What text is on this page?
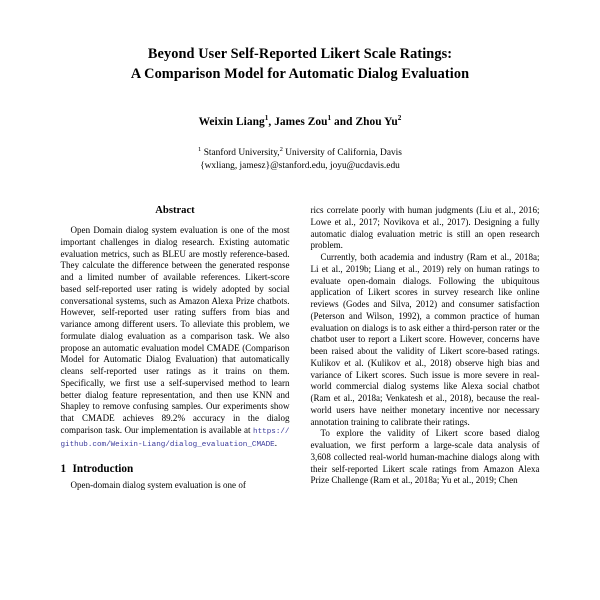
Beyond User Self-Reported Likert Scale Ratings:
A Comparison Model for Automatic Dialog Evaluation
Weixin Liang$^1$, James Zou$^1$ and Zhou Yu$^2$
$^1$ Stanford University,$^2$ University of California, Davis
{wxliang, jamesz}@stanford.edu, joyu@ucdavis.edu
Abstract

Open Domain dialog system evaluation is one of the most important challenges in dialog research. Existing automatic evaluation metrics, such as BLEU are mostly reference-based. They calculate the difference between the generated response and a limited number of available references. Likert-score based self-reported user rating is widely adopted by social conversational systems, such as Amazon Alexa Prize chatbots. However, self-reported user rating suffers from bias and variance among different users. To alleviate this problem, we formulate dialog evaluation as a comparison task. We also propose an automatic evaluation model CMADE (Comparison Model for Automatic Dialog Evaluation) that automatically cleans self-reported user ratings as it trains on them. Specifically, we first use a self-supervised method to learn better dialog feature representation, and then use KNN and Shapley to remove confusing samples. Our experiments show that CMADE achieves 89.2% accuracy in the dialog comparison task. Our implementation is available at https://github.com/Weixin-Liang/dialog_evaluation_CMADE.

1 Introduction

Open-domain dialog system evaluation is one of

rics correlate poorly with human judgments (Liu et al., 2016; Lowe et al., 2017; Novikova et al., 2017). Designing a fully automatic dialog evaluation metric is still an open research problem.

Currently, both academia and industry (Ram et al., 2018a; Li et al., 2019b; Liang et al., 2019) rely on human ratings to evaluate open-domain dialogs. Following the ubiquitous application of Likert scores in survey research like online reviews (Godes and Silva, 2012) and consumer satisfaction (Peterson and Wilson, 1992), a common practice of human evaluation on dialogs is to ask either a third-person rater or the chatbot user to report a Likert score. However, concerns have been raised about the validity of Likert score-based ratings. Kulikov et al. (Kulikov et al., 2018) observe high bias and variance of Likert scores. Such issue is more severe in real-world commercial dialog systems like Alexa social chatbot (Ram et al., 2018a; Venkatesh et al., 2018), because the real-world users have neither monetary incentive nor necessary annotation training to calibrate their ratings.

To explore the validity of Likert score based dialog evaluation, we first perform a large-scale data analysis of 3,608 collected real-world human-machine dialogs along with their self-reported Likert scale ratings from Amazon Alexa Prize Challenge (Ram et al., 2018a; Yu et al., 2019; Chen
